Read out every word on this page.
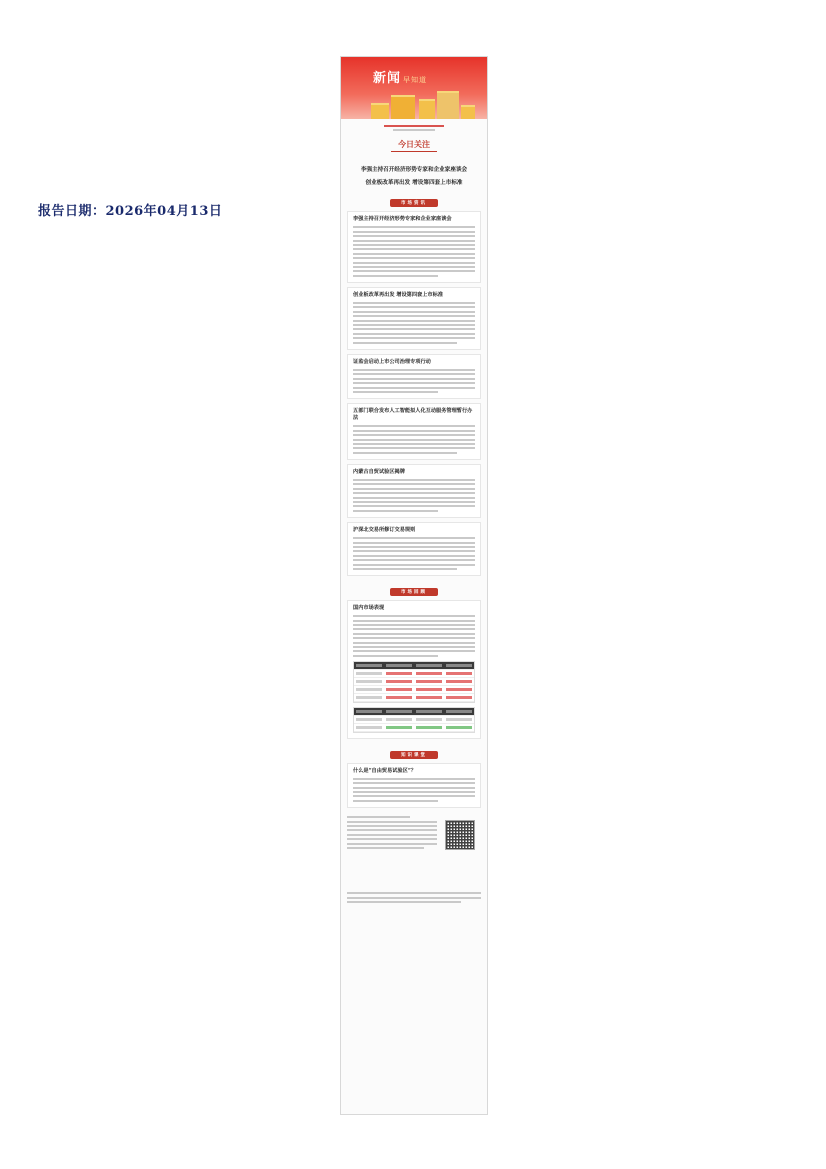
报告日期：2026年04月13日
新闻 早知道
今日关注
李强主持召开经济形势专家和企业家座谈会
创业板改革再出发 增设第四套上市标准
市场资讯
李强主持召开经济形势专家和企业家座谈会
创业板改革再出发 增设第四套上市标准
证监会启动上市公司治理专项行动
五部门联合发布人工智能拟人化互动服务管理暂行办法
内蒙古自贸试验区揭牌
沪深北交易所修订交易规则
市场回顾
国内市场表现
知识课堂
什么是“自由贸易试验区”？
